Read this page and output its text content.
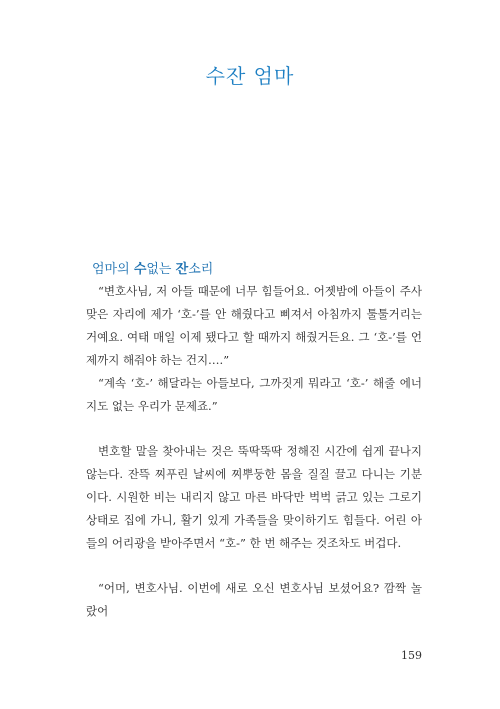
수잔 엄마
엄마의 수없는 잔소리

“변호사님, 저 아들 때문에 너무 힘들어요. 어젯밤에 아들이 주사 맞은 자리에 제가 ‘호-’를 안 해줬다고 삐져서 아침까지 툴툴거리는 거예요. 여태 매일 이제 됐다고 할 때까지 해줬거든요. 그 ‘호-’를 언제까지 해줘야 하는 건지….”

“계속 ‘호-’ 해달라는 아들보다, 그까짓게 뭐라고 ‘호-’ 해줄 에너지도 없는 우리가 문제죠.”

변호할 말을 찾아내는 것은 뚝딱뚝딱 정해진 시간에 쉽게 끝나지 않는다. 잔뜩 찌푸린 날씨에 찌뿌둥한 몸을 질질 끌고 다니는 기분이다. 시원한 비는 내리지 않고 마른 바닥만 벅벅 긁고 있는 그로기 상태로 집에 가니, 활기 있게 가족들을 맞이하기도 힘들다. 어린 아들의 어리광을 받아주면서 “호-” 한 번 해주는 것조차도 버겁다.

“어머, 변호사님. 이번에 새로 오신 변호사님 보셨어요? 깜짝 놀랐어

159
